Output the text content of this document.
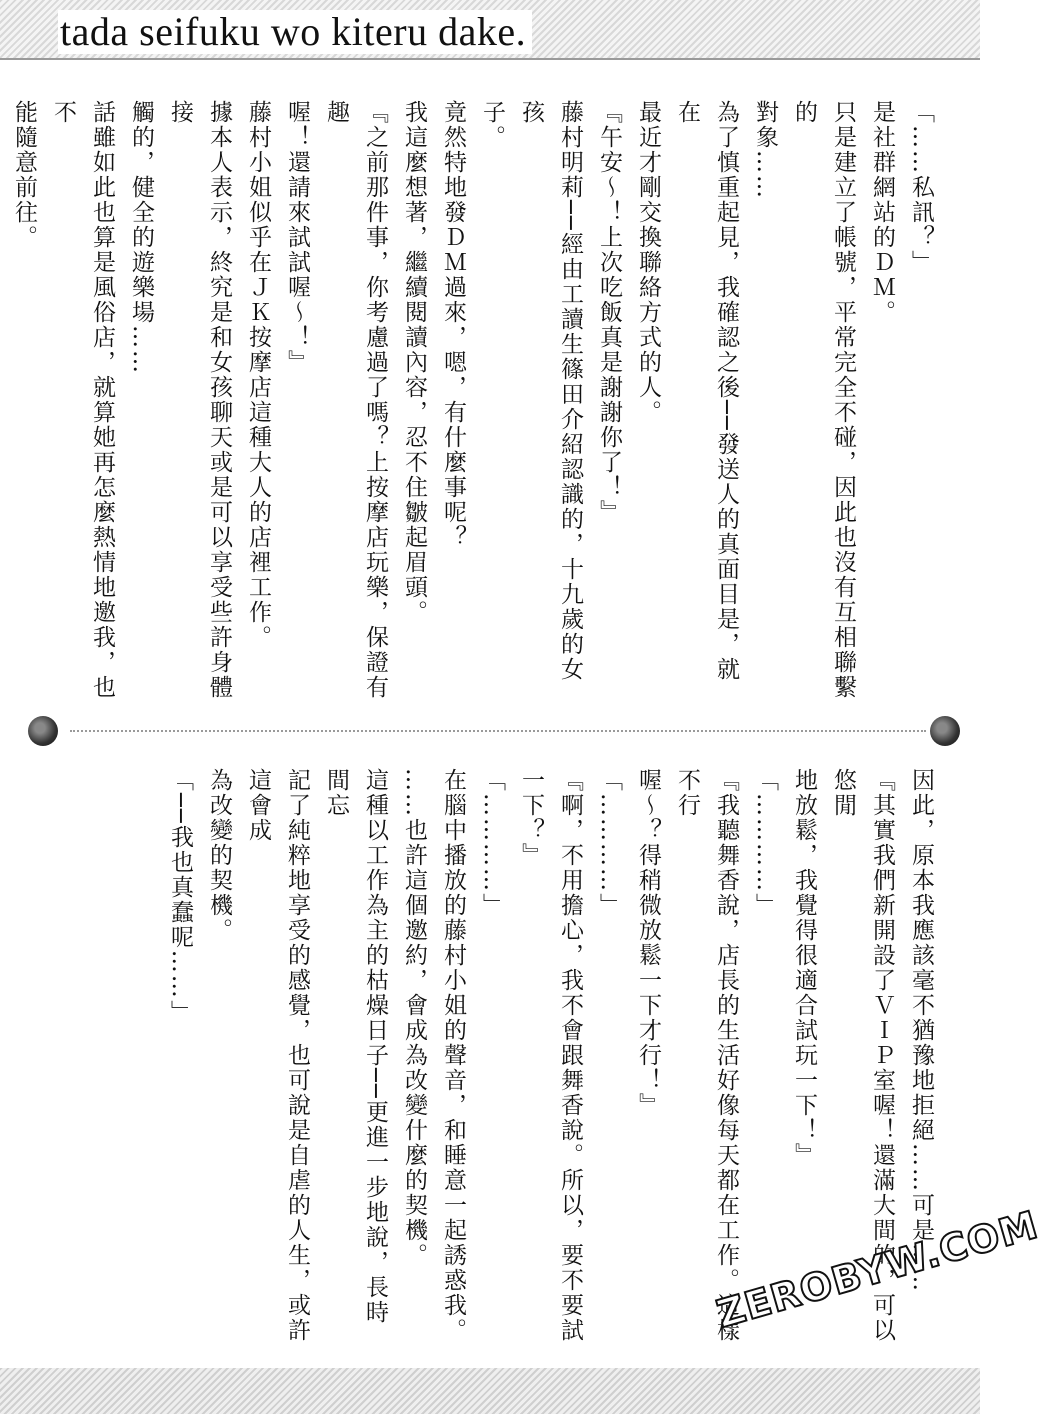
tada seifuku wo kiteru dake.

「……私訊？」

是社群網站的ＤＭ。

只是建立了帳號，平常完全不碰，因此也沒有互相聯繫的

對象……

為了慎重起見，我確認之後──發送人的真面目是，就在

最近才剛交換聯絡方式的人。

『午安〜！上次吃飯真是謝謝你了！』

藤村明莉──經由工讀生篠田介紹認識的，十九歲的女孩

子。

竟然特地發ＤＭ過來，嗯，有什麼事呢？

我這麼想著，繼續閱讀內容，忍不住皺起眉頭。

『之前那件事，你考慮過了嗎？上按摩店玩樂，保證有趣

喔！還請來試試喔〜！』

藤村小姐似乎在ＪＫ按摩店這種大人的店裡工作。

據本人表示，終究是和女孩聊天或是可以享受些許身體接

觸的，健全的遊樂場……

話雖如此也算是風俗店，就算她再怎麼熱情地邀我，也不

能隨意前往。

因此，原本我應該毫不猶豫地拒絕……可是……

『其實我們新開設了ＶＩＰ室喔！還滿大間的，可以悠閒

地放鬆，我覺得很適合試玩一下！』

「…………」

『我聽舞香說，店長的生活好像每天都在工作。這樣不行

喔〜？得稍微放鬆一下才行！』

「…………」

『啊，不用擔心，我不會跟舞香說。所以，要不要試一下？』

「…………」

在腦中播放的藤村小姐的聲音，和睡意一起誘惑我。

……也許這個邀約，會成為改變什麼的契機。

這種以工作為主的枯燥日子──更進一步地說，長時間忘

記了純粹地享受的感覺，也可說是自虐的人生，或許這會成

為改變的契機。

「──我也真蠢呢……」

ZEROBYW.COM
